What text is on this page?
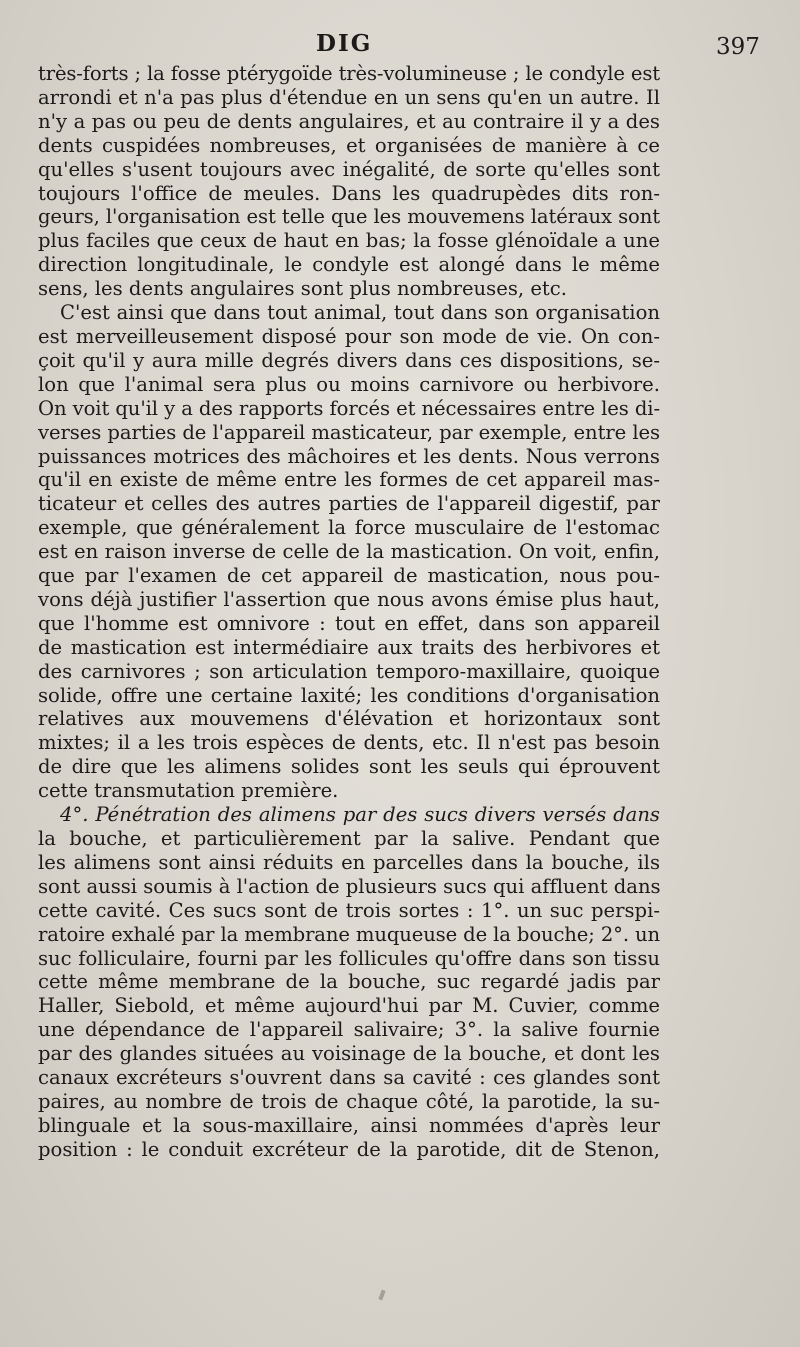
DIG	397
très-forts ; la fosse ptérygoïde très-volumineuse ; le condyle est
arrondi et n'a pas plus d'étendue en un sens qu'en un autre. Il
n'y a pas ou peu de dents angulaires, et au contraire il y a des
dents cuspidées nombreuses, et organisées de manière à ce
qu'elles s'usent toujours avec inégalité, de sorte qu'elles sont
toujours l'office de meules. Dans les quadrupèdes dits ron-
geurs, l'organisation est telle que les mouvemens latéraux sont
plus faciles que ceux de haut en bas; la fosse glénoïdale a une
direction longitudinale, le condyle est alongé dans le même
sens, les dents angulaires sont plus nombreuses, etc.
C'est ainsi que dans tout animal, tout dans son organisation
est merveilleusement disposé pour son mode de vie. On con-
çoit qu'il y aura mille degrés divers dans ces dispositions, se-
lon que l'animal sera plus ou moins carnivore ou herbivore.
On voit qu'il y a des rapports forcés et nécessaires entre les di-
verses parties de l'appareil masticateur, par exemple, entre les
puissances motrices des mâchoires et les dents. Nous verrons
qu'il en existe de même entre les formes de cet appareil mas-
ticateur et celles des autres parties de l'appareil digestif, par
exemple, que généralement la force musculaire de l'estomac
est en raison inverse de celle de la mastication. On voit, enfin,
que par l'examen de cet appareil de mastication, nous pou-
vons déjà justifier l'assertion que nous avons émise plus haut,
que l'homme est omnivore : tout en effet, dans son appareil
de mastication est intermédiaire aux traits des herbivores et
des carnivores ; son articulation temporo-maxillaire, quoique
solide, offre une certaine laxité; les conditions d'organisation
relatives aux mouvemens d'élévation et horizontaux sont
mixtes; il a les trois espèces de dents, etc. Il n'est pas besoin
de dire que les alimens solides sont les seuls qui éprouvent
cette transmutation première.
4°. Pénétration des alimens par des sucs divers versés dans
la bouche, et particulièrement par la salive. Pendant que
les alimens sont ainsi réduits en parcelles dans la bouche, ils
sont aussi soumis à l'action de plusieurs sucs qui affluent dans
cette cavité. Ces sucs sont de trois sortes : 1°. un suc perspi-
ratoire exhalé par la membrane muqueuse de la bouche; 2°. un
suc folliculaire, fourni par les follicules qu'offre dans son tissu
cette même membrane de la bouche, suc regardé jadis par
Haller, Siebold, et même aujourd'hui par M. Cuvier, comme
une dépendance de l'appareil salivaire; 3°. la salive fournie
par des glandes situées au voisinage de la bouche, et dont les
canaux excréteurs s'ouvrent dans sa cavité : ces glandes sont
paires, au nombre de trois de chaque côté, la parotide, la su-
blinguale et la sous-maxillaire, ainsi nommées d'après leur
position : le conduit excréteur de la parotide, dit de Stenon,
